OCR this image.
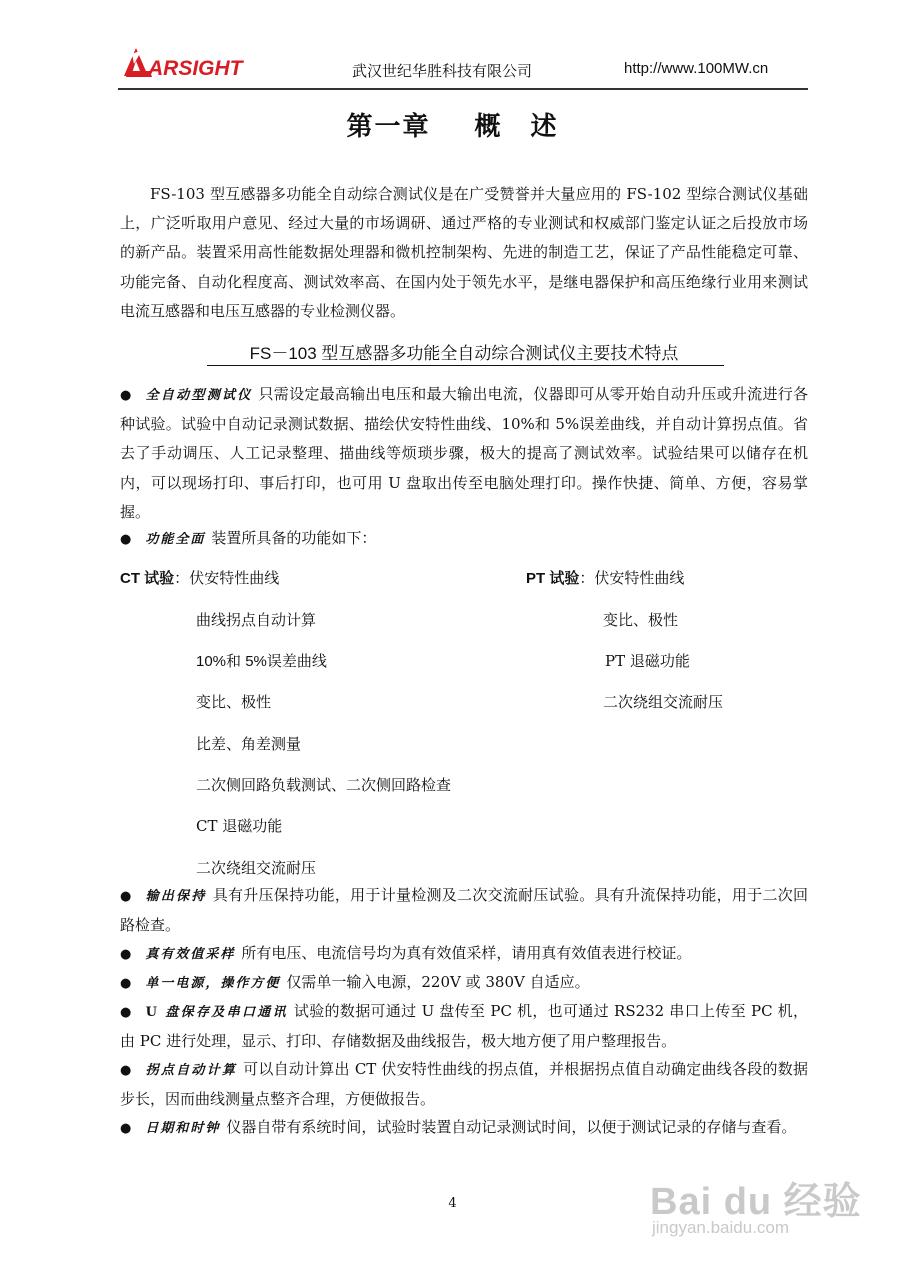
ARSIGHT	武汉世纪华胜科技有限公司	http://www.100MW.cn
第一章 概　述
FS-103 型互感器多功能全自动综合测试仪是在广受赞誉并大量应用的 FS-102 型综合测试仪基础上，广泛听取用户意见、经过大量的市场调研、通过严格的专业测试和权威部门鉴定认证之后投放市场的新产品。装置采用高性能数据处理器和微机控制架构、先进的制造工艺，保证了产品性能稳定可靠、功能完备、自动化程度高、测试效率高、在国内处于领先水平，是继电器保护和高压绝缘行业用来测试电流互感器和电压互感器的专业检测仪器。
FS－103 型互感器多功能全自动综合测试仪主要技术特点
● 全自动型测试仪 只需设定最高输出电压和最大输出电流，仪器即可从零开始自动升压或升流进行各种试验。试验中自动记录测试数据、描绘伏安特性曲线、10%和 5%误差曲线，并自动计算拐点值。省去了手动调压、人工记录整理、描曲线等烦琐步骤，极大的提高了测试效率。试验结果可以储存在机内，可以现场打印、事后打印，也可用 U 盘取出传至电脑处理打印。操作快捷、简单、方便，容易掌握。
● 功能全面 装置所具备的功能如下：
CT 试验：伏安特性曲线
曲线拐点自动计算
10%和 5%误差曲线
变比、极性
比差、角差测量
二次侧回路负载测试、二次侧回路检查
CT 退磁功能
二次绕组交流耐压
PT 试验：伏安特性曲线
变比、极性
PT 退磁功能
二次绕组交流耐压
● 输出保持 具有升压保持功能，用于计量检测及二次交流耐压试验。具有升流保持功能，用于二次回路检查。
● 真有效值采样 所有电压、电流信号均为真有效值采样，请用真有效值表进行校证。
● 单一电源，操作方便 仅需单一输入电源，220V 或 380V 自适应。
● U 盘保存及串口通讯 试验的数据可通过 U 盘传至 PC 机，也可通过 RS232 串口上传至 PC 机，由 PC 进行处理，显示、打印、存储数据及曲线报告，极大地方便了用户整理报告。
● 拐点自动计算 可以自动计算出 CT 伏安特性曲线的拐点值，并根据拐点值自动确定曲线各段的数据步长，因而曲线测量点整齐合理，方便做报告。
● 日期和时钟 仪器自带有系统时间，试验时装置自动记录测试时间，以便于测试记录的存储与查看。
4	Bai du 经验
jingyan.baidu.com
